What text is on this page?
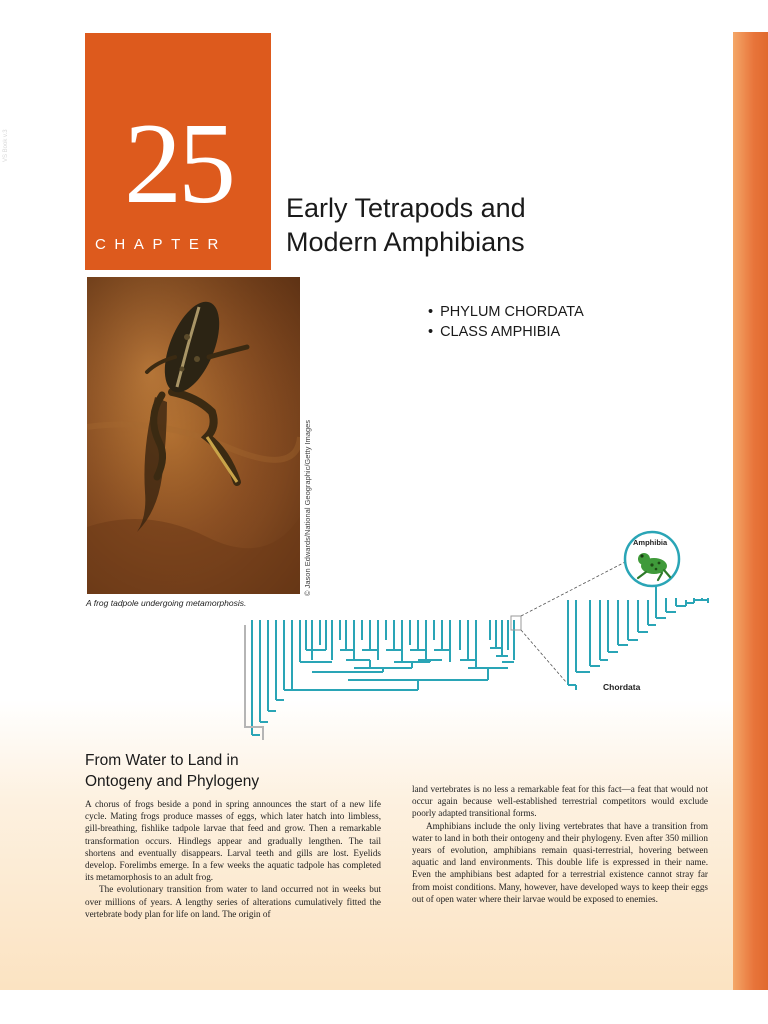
VS Book v.3 25
CHAPTER
Early Tetrapods and
Modern Amphibians
• PHYLUM CHORDATA
• CLASS AMPHIBIA
© Jason Edwards/National Geographic/Getty Images
A frog tadpole undergoing metamorphosis.
Amphibia
Chordata
From Water to Land in
Ontogeny and Phylogeny

A chorus of frogs beside a pond in spring announces the start of a new life cycle. Mating frogs produce masses of eggs, which later hatch into limbless, gill-breathing, fishlike tadpole larvae that feed and grow. Then a remarkable transformation occurs. Hindlegs appear and gradually lengthen. The tail shortens and eventually disappears. Larval teeth and gills are lost. Eyelids develop. Forelimbs emerge. In a few weeks the aquatic tadpole has completed its metamorphosis to an adult frog.

The evolutionary transition from water to land occurred not in weeks but over millions of years. A lengthy series of alterations cumulatively fitted the vertebrate body plan for life on land. The origin of

land vertebrates is no less a remarkable feat for this fact—a feat that would not occur again because well-established terrestrial competitors would exclude poorly adapted transitional forms.

Amphibians include the only living vertebrates that have a transition from water to land in both their ontogeny and their phylogeny. Even after 350 million years of evolution, amphibians remain quasi-terrestrial, hovering between aquatic and land environments. This double life is expressed in their name. Even the amphibians best adapted for a terrestrial existence cannot stray far from moist conditions. Many, however, have developed ways to keep their eggs out of open water where their larvae would be exposed to enemies.
